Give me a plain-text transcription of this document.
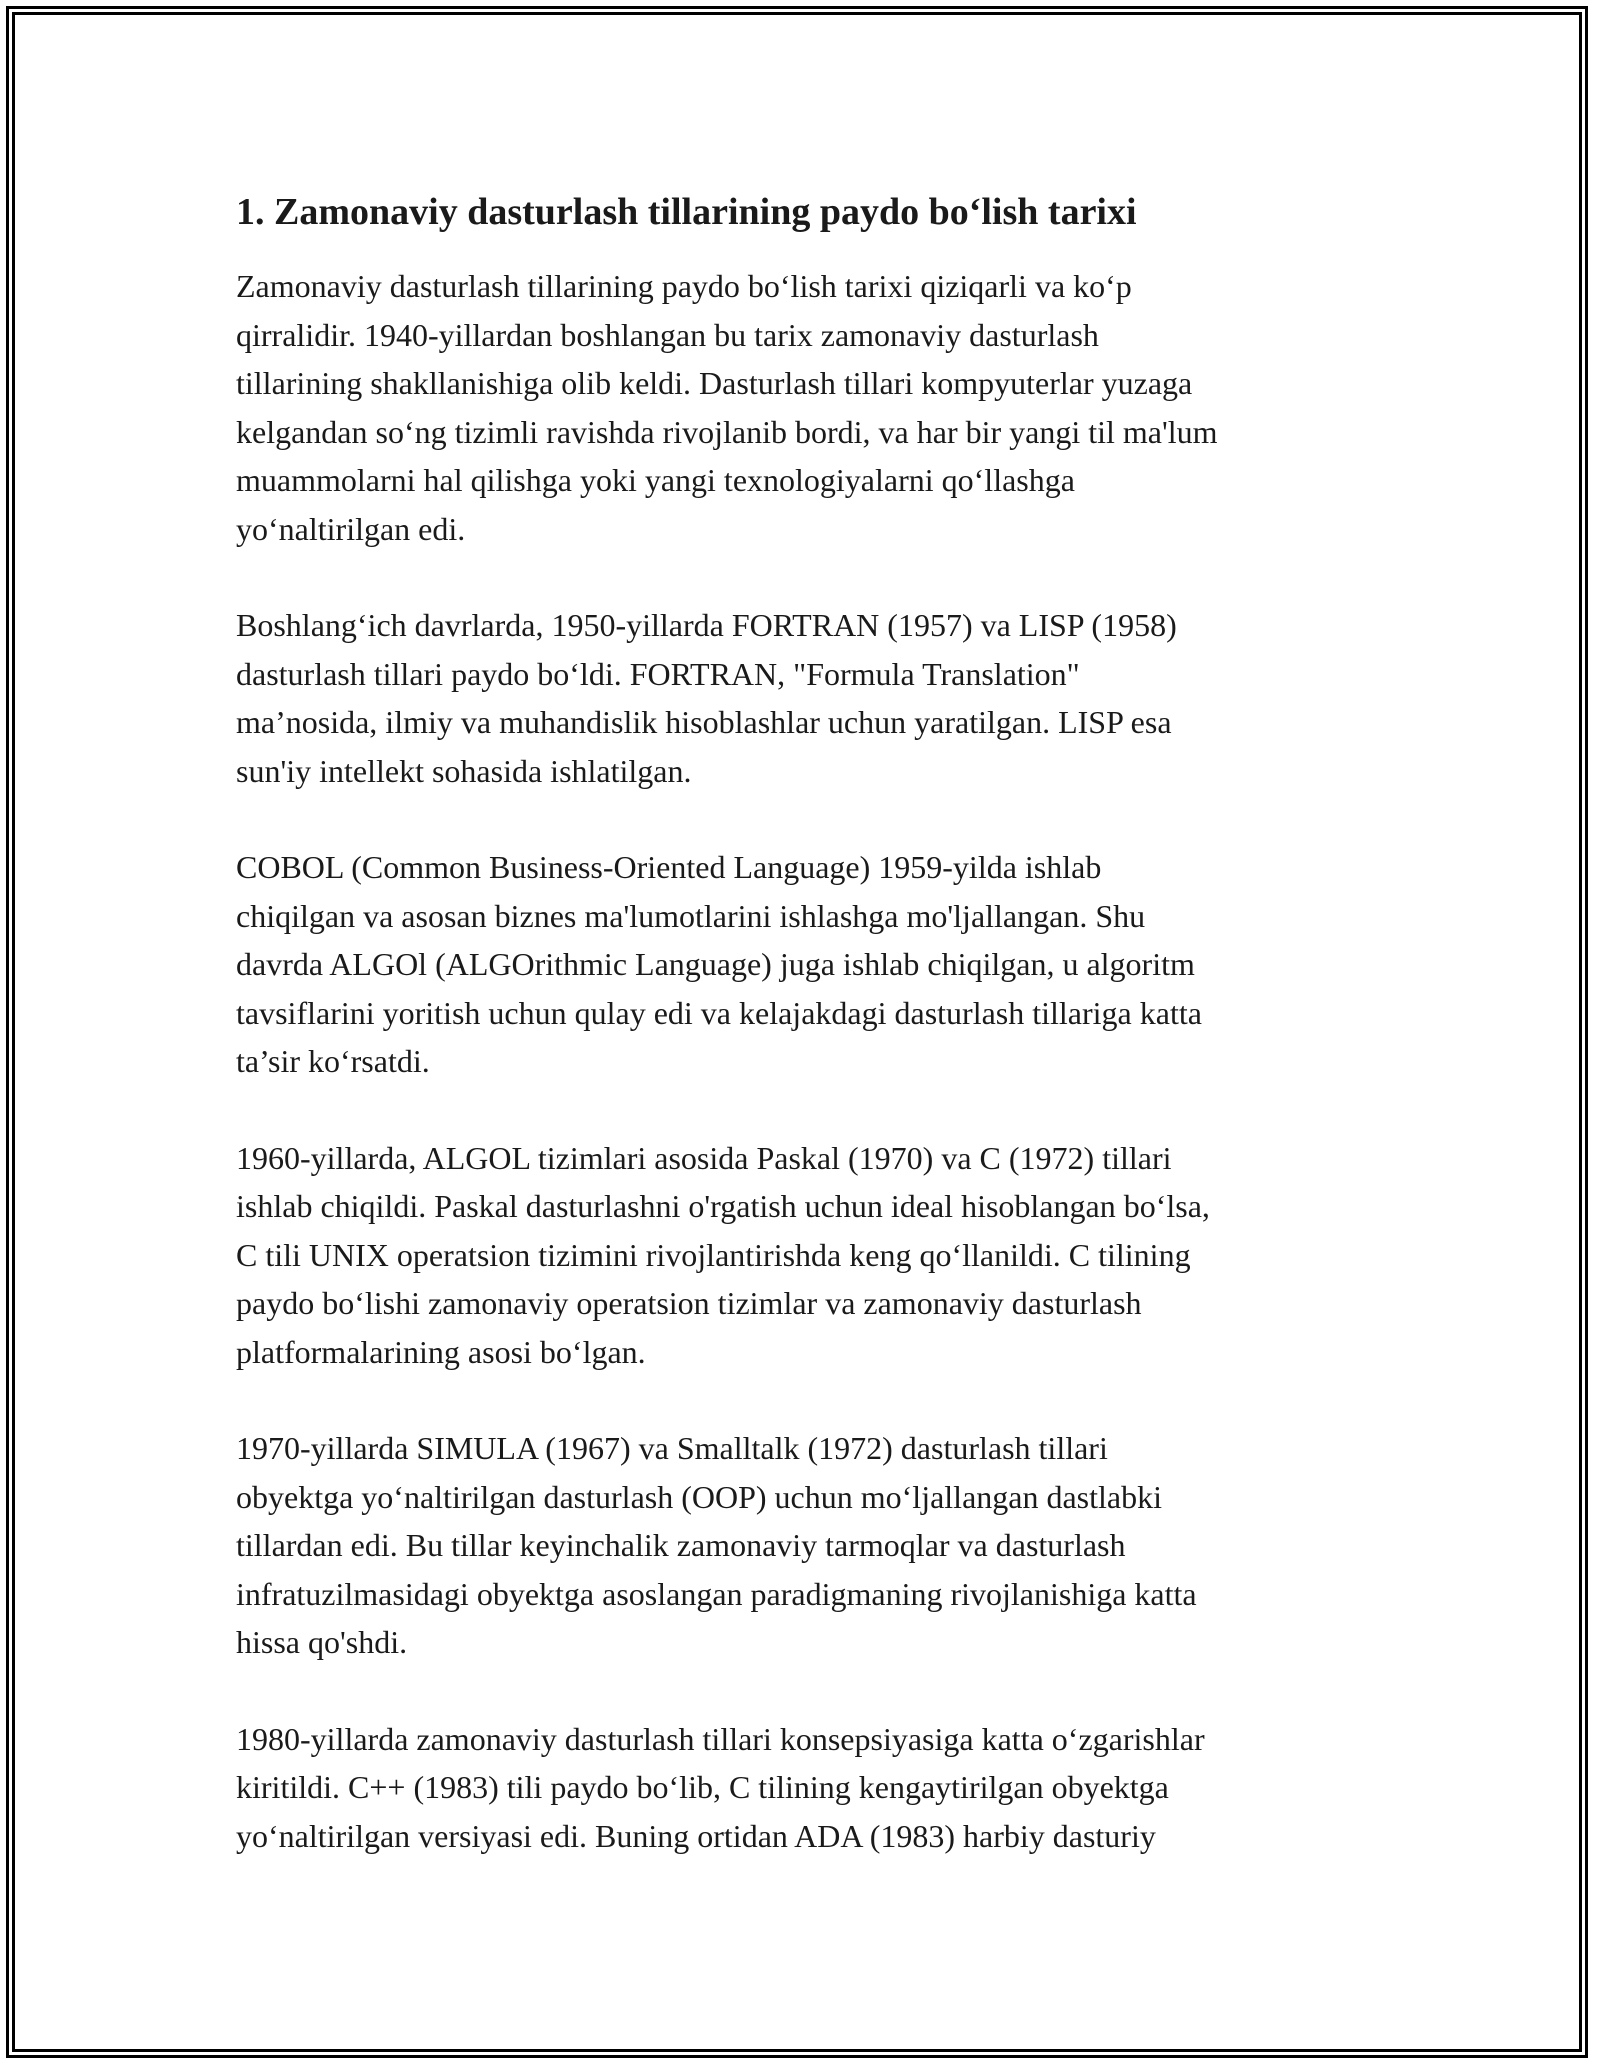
1. Zamonaviy dasturlash tillarining paydo bo‘lish tarixi

Zamonaviy dasturlash tillarining paydo bo‘lish tarixi qiziqarli va ko‘p
qirralidir. 1940-yillardan boshlangan bu tarix zamonaviy dasturlash
tillarining shakllanishiga olib keldi. Dasturlash tillari kompyuterlar yuzaga
kelgandan so‘ng tizimli ravishda rivojlanib bordi, va har bir yangi til ma'lum
muammolarni hal qilishga yoki yangi texnologiyalarni qo‘llashga
yo‘naltirilgan edi.

Boshlang‘ich davrlarda, 1950-yillarda FORTRAN (1957) va LISP (1958)
dasturlash tillari paydo bo‘ldi. FORTRAN, "Formula Translation"
ma’nosida, ilmiy va muhandislik hisoblashlar uchun yaratilgan. LISP esa
sun'iy intellekt sohasida ishlatilgan.

COBOL (Common Business-Oriented Language) 1959-yilda ishlab
chiqilgan va asosan biznes ma'lumotlarini ishlashga mo'ljallangan. Shu
davrda ALGOl (ALGOrithmic Language) juga ishlab chiqilgan, u algoritm
tavsiflarini yoritish uchun qulay edi va kelajakdagi dasturlash tillariga katta
ta’sir ko‘rsatdi.

1960-yillarda, ALGOL tizimlari asosida Paskal (1970) va C (1972) tillari
ishlab chiqildi. Paskal dasturlashni o'rgatish uchun ideal hisoblangan bo‘lsa,
C tili UNIX operatsion tizimini rivojlantirishda keng qo‘llanildi. C tilining
paydo bo‘lishi zamonaviy operatsion tizimlar va zamonaviy dasturlash
platformalarining asosi bo‘lgan.

1970-yillarda SIMULA (1967) va Smalltalk (1972) dasturlash tillari
obyektga yo‘naltirilgan dasturlash (OOP) uchun mo‘ljallangan dastlabki
tillardan edi. Bu tillar keyinchalik zamonaviy tarmoqlar va dasturlash
infratuzilmasidagi obyektga asoslangan paradigmaning rivojlanishiga katta
hissa qo'shdi.

1980-yillarda zamonaviy dasturlash tillari konsepsiyasiga katta o‘zgarishlar
kiritildi. C++ (1983) tili paydo bo‘lib, C tilining kengaytirilgan obyektga
yo‘naltirilgan versiyasi edi. Buning ortidan ADA (1983) harbiy dasturiy
